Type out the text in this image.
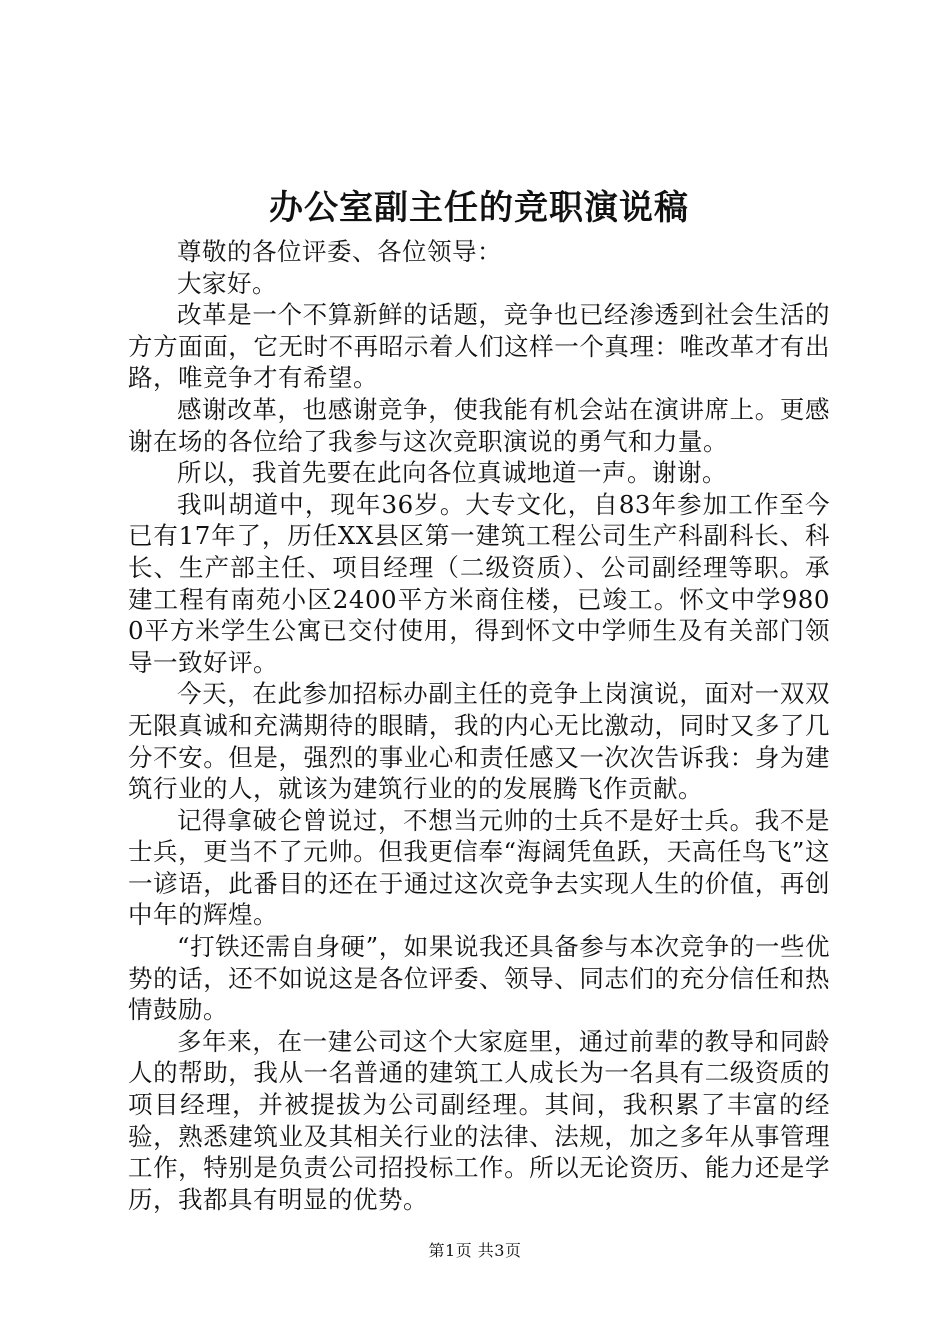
办公室副主任的竞职演说稿

尊敬的各位评委、各位领导：

大家好。

改革是一个不算新鲜的话题，竞争也已经渗透到社会生活的方方面面，它无时不再昭示着人们这样一个真理：唯改革才有出路，唯竞争才有希望。

感谢改革，也感谢竞争，使我能有机会站在演讲席上。更感谢在场的各位给了我参与这次竞职演说的勇气和力量。

所以，我首先要在此向各位真诚地道一声。谢谢。

我叫胡道中，现年36岁。大专文化，自83年参加工作至今已有17年了，历任XX县区第一建筑工程公司生产科副科长、科长、生产部主任、项目经理（二级资质）、公司副经理等职。承建工程有南苑小区2400平方米商住楼，已竣工。怀文中学9800平方米学生公寓已交付使用，得到怀文中学师生及有关部门领导一致好评。

今天，在此参加招标办副主任的竞争上岗演说，面对一双双无限真诚和充满期待的眼睛，我的内心无比激动，同时又多了几分不安。但是，强烈的事业心和责任感又一次次告诉我：身为建筑行业的人，就该为建筑行业的的发展腾飞作贡献。

记得拿破仑曾说过，不想当元帅的士兵不是好士兵。我不是士兵，更当不了元帅。但我更信奉“海阔凭鱼跃，天高任鸟飞”这一谚语，此番目的还在于通过这次竞争去实现人生的价值，再创中年的辉煌。

“打铁还需自身硬”，如果说我还具备参与本次竞争的一些优势的话，还不如说这是各位评委、领导、同志们的充分信任和热情鼓励。

多年来，在一建公司这个大家庭里，通过前辈的教导和同龄人的帮助，我从一名普通的建筑工人成长为一名具有二级资质的项目经理，并被提拔为公司副经理。其间，我积累了丰富的经验，熟悉建筑业及其相关行业的法律、法规，加之多年从事管理工作，特别是负责公司招投标工作。所以无论资历、能力还是学历，我都具有明显的优势。

第1页 共3页
